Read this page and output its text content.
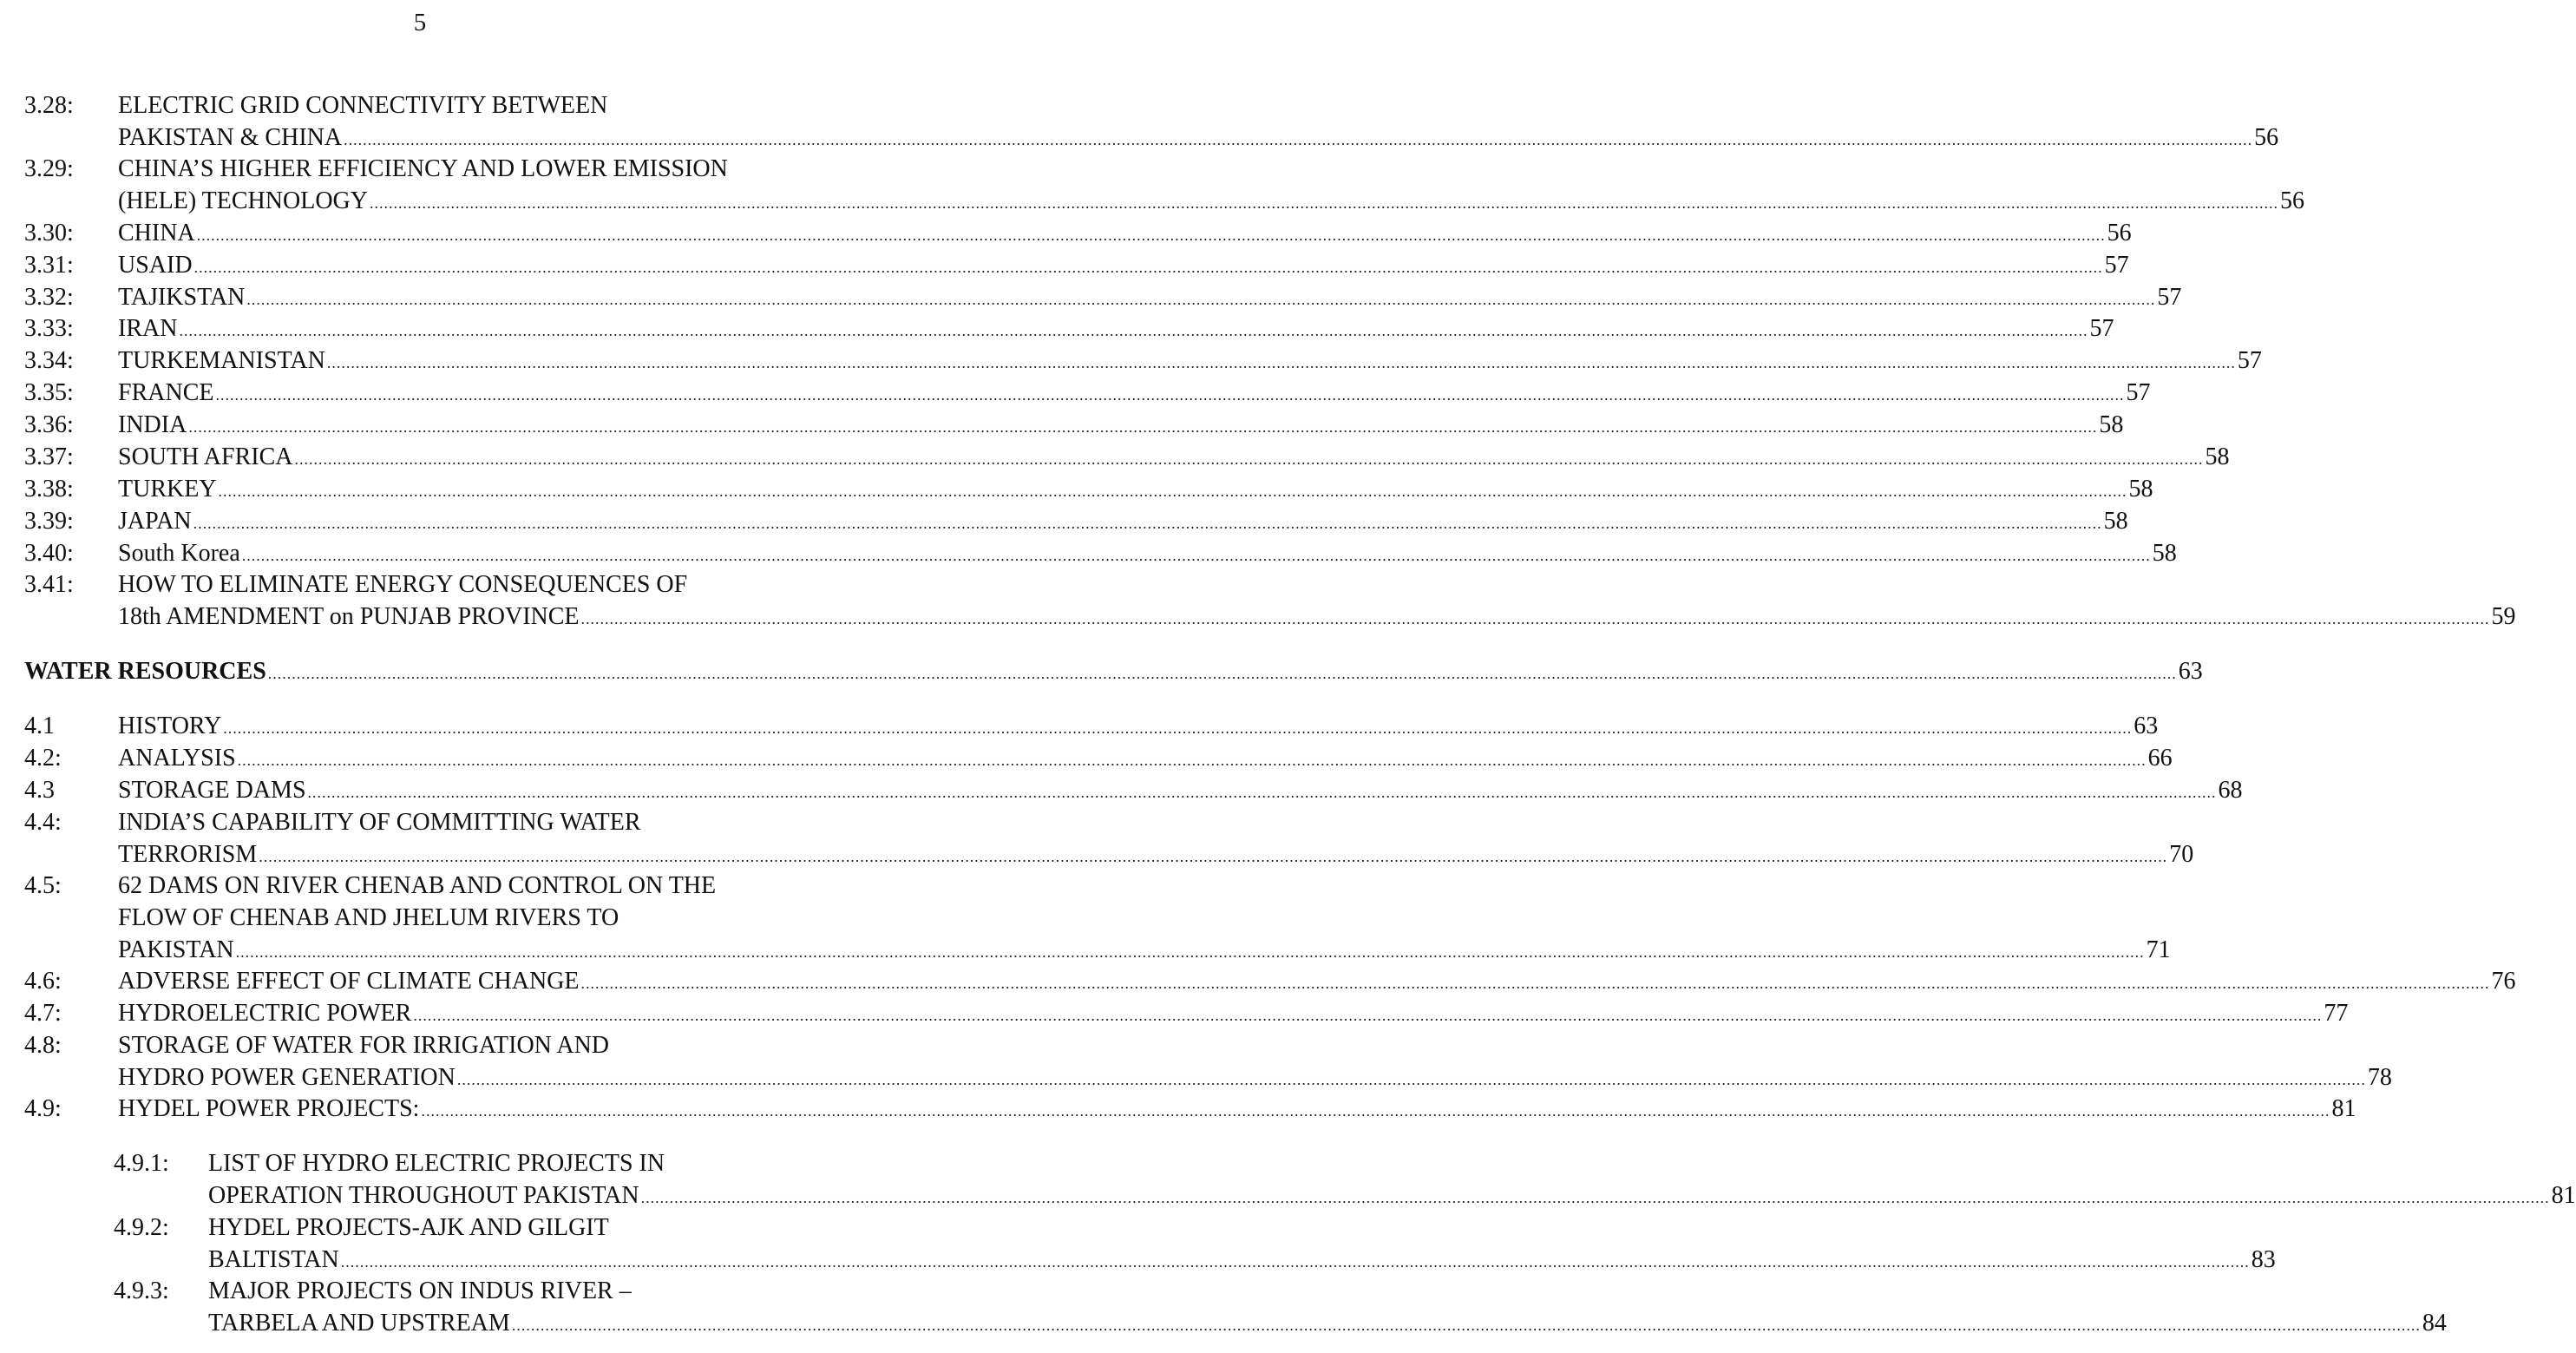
5
3.28: ELECTRIC GRID CONNECTIVITY BETWEEN
PAKISTAN & CHINA ................................................................................................................................................................................................................................................................................................................................................................................................................ 56
3.29: CHINA’S HIGHER EFFICIENCY AND LOWER EMISSION
(HELE) TECHNOLOGY ................................................................................................................................................................................................................................................................................................................................................................................................................ 56
3.30: CHINA ................................................................................................................................................................................................................................................................................................................................................................................................................ 56
3.31: USAID ................................................................................................................................................................................................................................................................................................................................................................................................................ 57
3.32: TAJIKSTAN ................................................................................................................................................................................................................................................................................................................................................................................................................ 57
3.33: IRAN ................................................................................................................................................................................................................................................................................................................................................................................................................ 57
3.34: TURKEMANISTAN ................................................................................................................................................................................................................................................................................................................................................................................................................ 57
3.35: FRANCE ................................................................................................................................................................................................................................................................................................................................................................................................................ 57
3.36: INDIA ................................................................................................................................................................................................................................................................................................................................................................................................................ 58
3.37: SOUTH AFRICA ................................................................................................................................................................................................................................................................................................................................................................................................................ 58
3.38: TURKEY ................................................................................................................................................................................................................................................................................................................................................................................................................ 58
3.39: JAPAN ................................................................................................................................................................................................................................................................................................................................................................................................................ 58
3.40: South Korea ................................................................................................................................................................................................................................................................................................................................................................................................................ 58
3.41: HOW TO ELIMINATE ENERGY CONSEQUENCES OF
18th AMENDMENT on PUNJAB PROVINCE ................................................................................................................................................................................................................................................................................................................................................................................................................ 59
4.1	HISTORY ................................................................................................................................................................................................................................................................................................................................................................................................................ 63
4.2: ANALYSIS ................................................................................................................................................................................................................................................................................................................................................................................................................ 66
4.3	STORAGE DAMS ................................................................................................................................................................................................................................................................................................................................................................................................................ 68
4.4: INDIA’S CAPABILITY OF COMMITTING WATER
TERRORISM ................................................................................................................................................................................................................................................................................................................................................................................................................ 70
4.5: 62 DAMS ON RIVER CHENAB AND CONTROL ON THE
FLOW OF CHENAB AND JHELUM RIVERS TO
PAKISTAN ................................................................................................................................................................................................................................................................................................................................................................................................................ 71
4.6: ADVERSE EFFECT OF CLIMATE CHANGE ................................................................................................................................................................................................................................................................................................................................................................................................................ 76
4.7: HYDROELECTRIC POWER ................................................................................................................................................................................................................................................................................................................................................................................................................ 77
4.8: STORAGE OF WATER FOR IRRIGATION AND
HYDRO POWER GENERATION ................................................................................................................................................................................................................................................................................................................................................................................................................ 78
4.9: HYDEL POWER PROJECTS: ................................................................................................................................................................................................................................................................................................................................................................................................................ 81
4.9.1: LIST OF HYDRO ELECTRIC PROJECTS IN
OPERATION THROUGHOUT PAKISTAN ................................................................................................................................................................................................................................................................................................................................................................................................................ 81
4.9.2: HYDEL PROJECTS-AJK AND GILGIT
BALTISTAN ................................................................................................................................................................................................................................................................................................................................................................................................................ 83
4.9.3: MAJOR PROJECTS ON INDUS RIVER –
TARBELA AND UPSTREAM ................................................................................................................................................................................................................................................................................................................................................................................................................ 84
WATER RESOURCES ................................................................................................................................................................................................................................................................................................................................................................................................................ 63
